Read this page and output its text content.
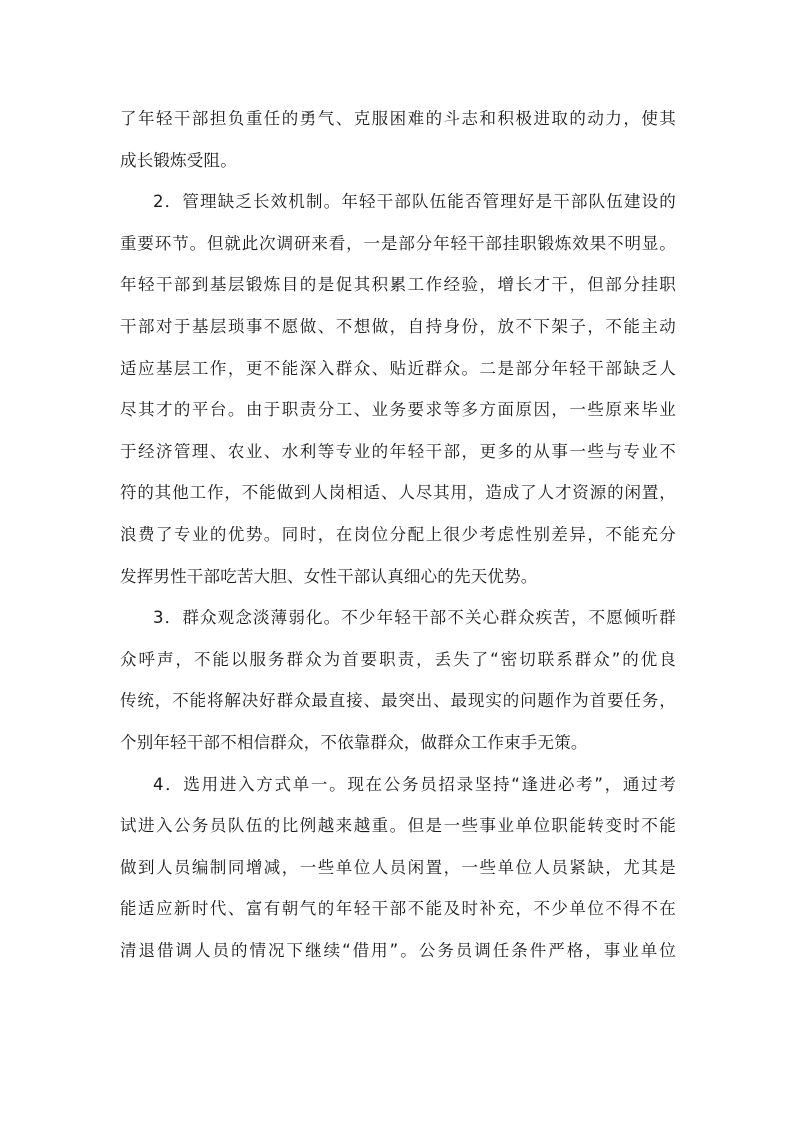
了年轻干部担负重任的勇气、克服困难的斗志和积极进取的动力，使其
成长锻炼受阻。
2．管理缺乏长效机制。年轻干部队伍能否管理好是干部队伍建设的
重要环节。但就此次调研来看，一是部分年轻干部挂职锻炼效果不明显。
年轻干部到基层锻炼目的是促其积累工作经验，增长才干，但部分挂职
干部对于基层琐事不愿做、不想做，自持身份，放不下架子，不能主动
适应基层工作，更不能深入群众、贴近群众。二是部分年轻干部缺乏人
尽其才的平台。由于职责分工、业务要求等多方面原因，一些原来毕业
于经济管理、农业、水利等专业的年轻干部，更多的从事一些与专业不
符的其他工作，不能做到人岗相适、人尽其用，造成了人才资源的闲置，
浪费了专业的优势。同时，在岗位分配上很少考虑性别差异，不能充分
发挥男性干部吃苦大胆、女性干部认真细心的先天优势。
3．群众观念淡薄弱化。不少年轻干部不关心群众疾苦，不愿倾听群
众呼声，不能以服务群众为首要职责，丢失了“密切联系群众”的优良
传统，不能将解决好群众最直接、最突出、最现实的问题作为首要任务，
个别年轻干部不相信群众，不依靠群众，做群众工作束手无策。
4．选用进入方式单一。现在公务员招录坚持“逢进必考”，通过考
试进入公务员队伍的比例越来越重。但是一些事业单位职能转变时不能
做到人员编制同增减，一些单位人员闲置，一些单位人员紧缺，尤其是
能适应新时代、富有朝气的年轻干部不能及时补充，不少单位不得不在
清退借调人员的情况下继续“借用”。公务员调任条件严格，事业单位
